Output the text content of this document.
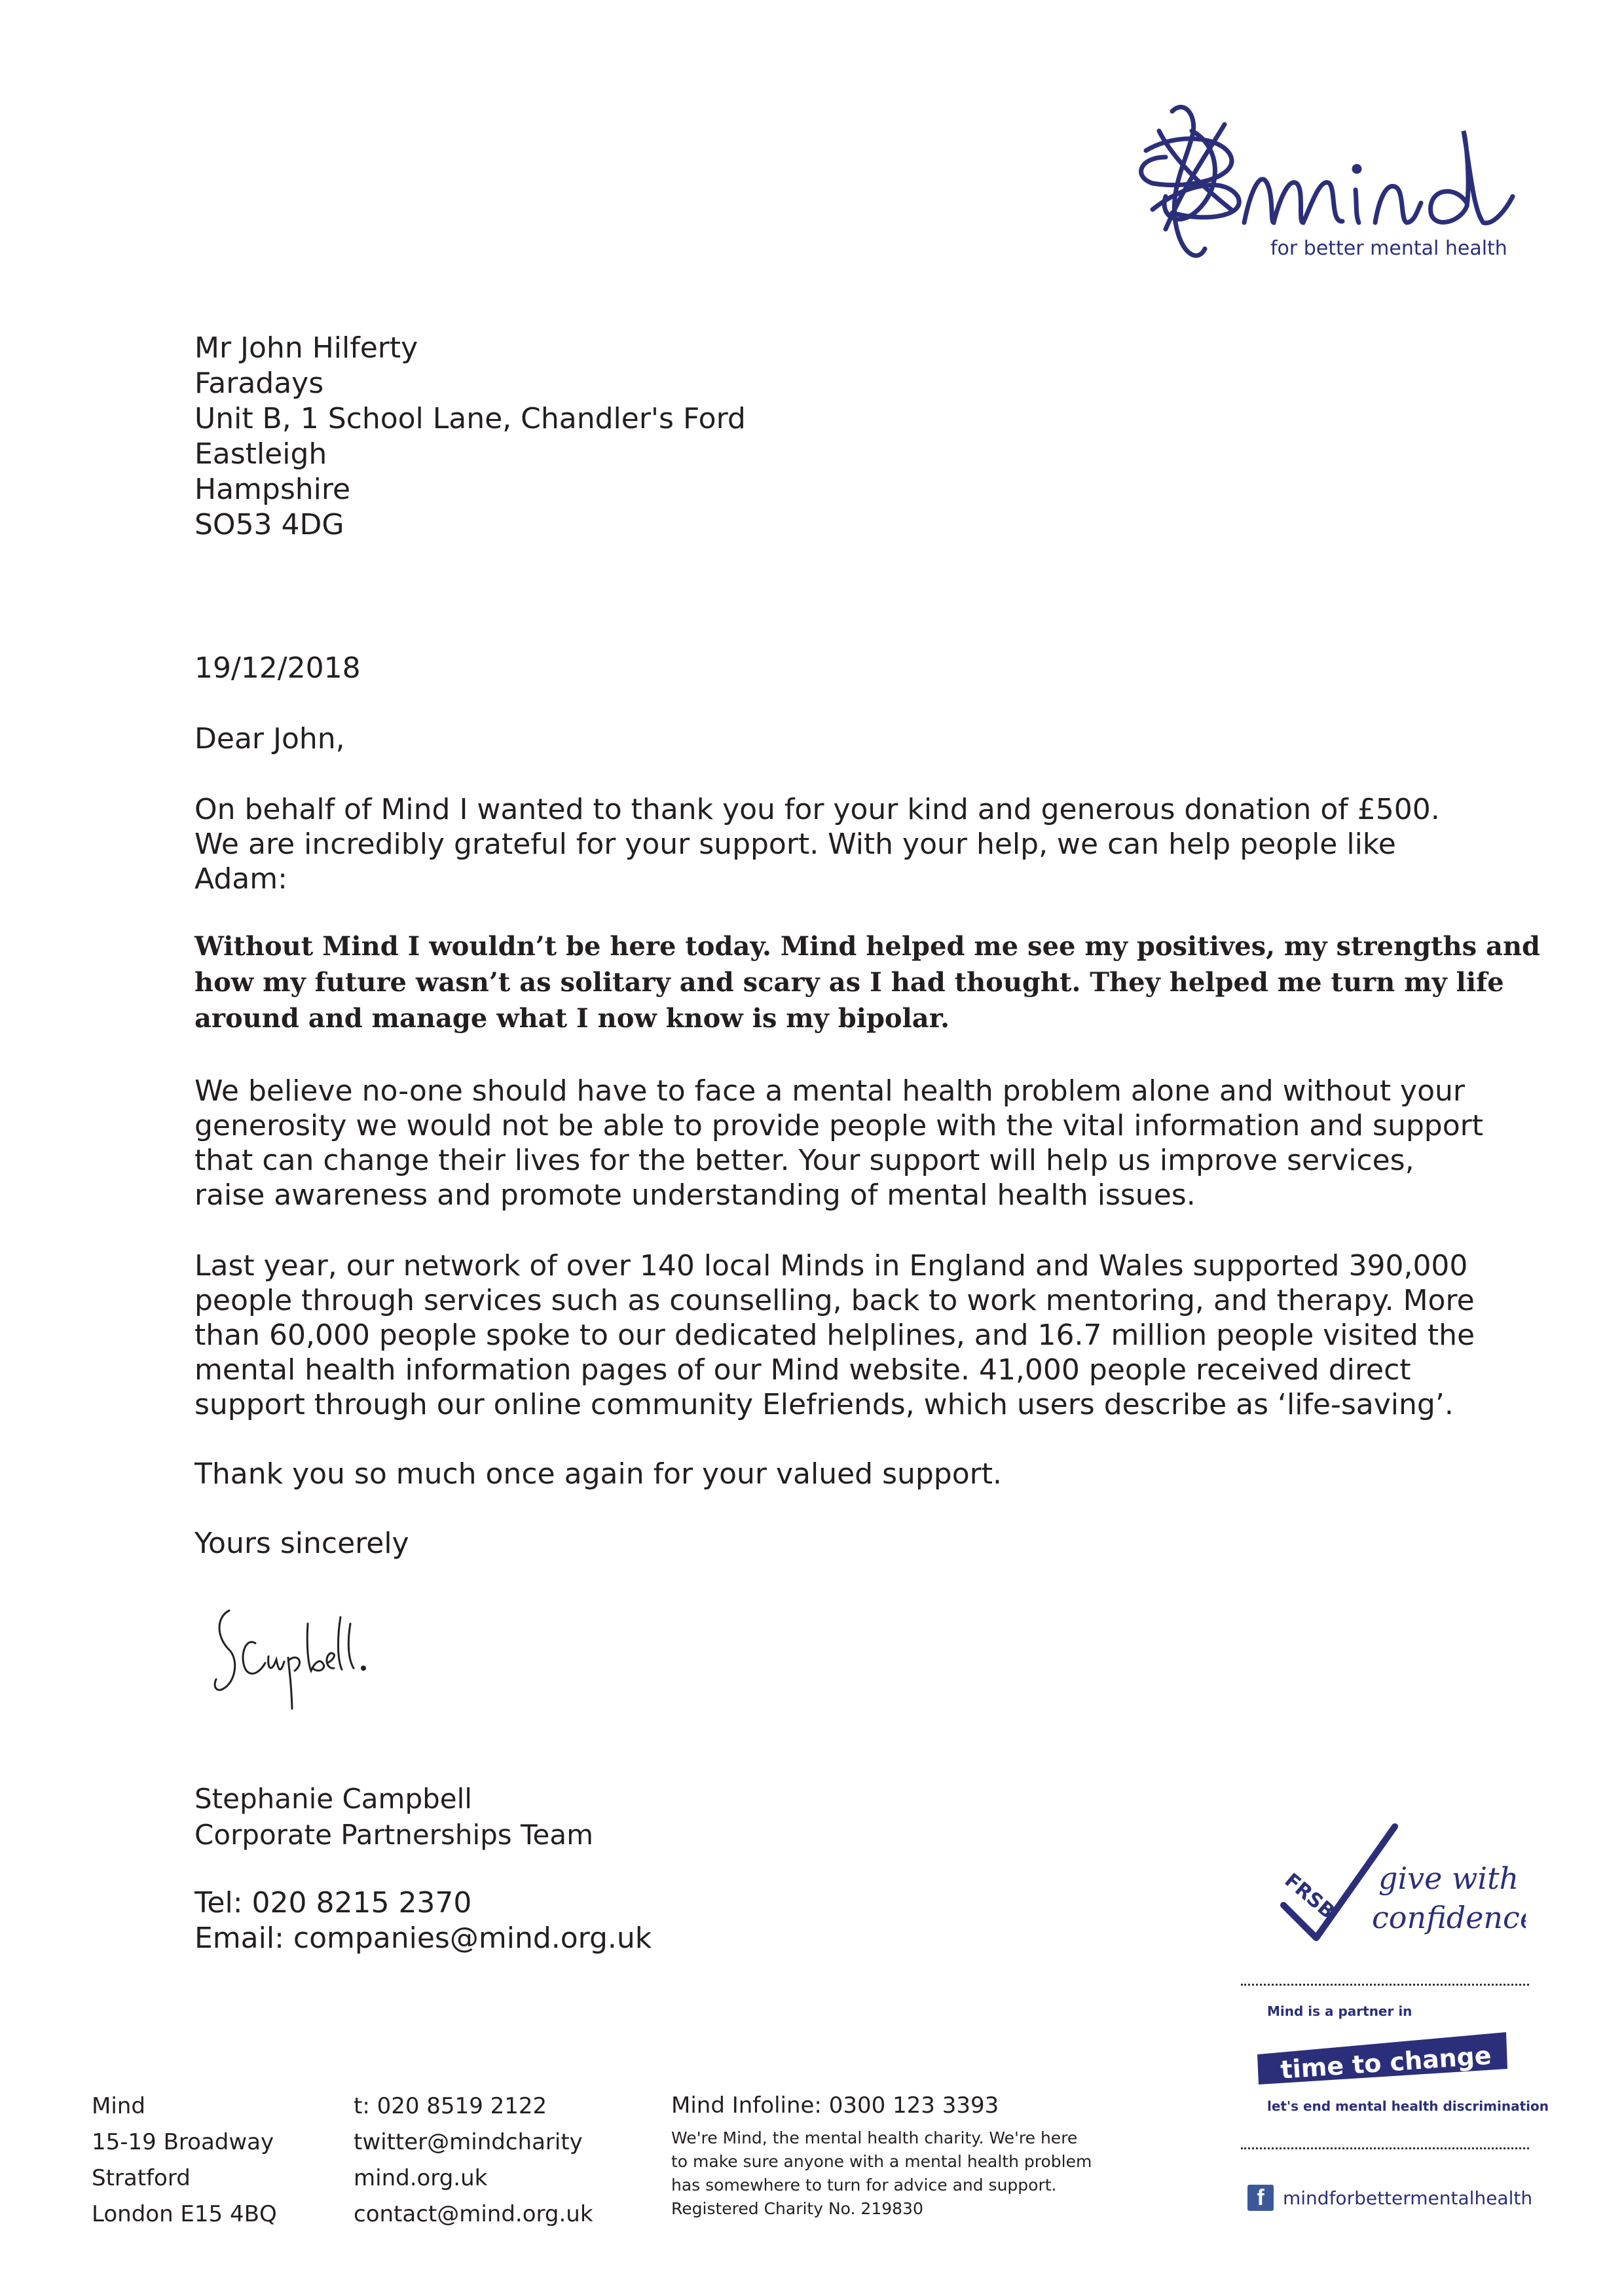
for better mental health
Mr John Hilferty
Faradays
Unit B, 1 School Lane, Chandler's Ford
Eastleigh
Hampshire
SO53 4DG
19/12/2018
Dear John,
On behalf of Mind I wanted to thank you for your kind and generous donation of £500.
We are incredibly grateful for your support. With your help, we can help people like
Adam:
Without Mind I wouldn’t be here today. Mind helped me see my positives, my strengths and
how my future wasn’t as solitary and scary as I had thought. They helped me turn my life
around and manage what I now know is my bipolar.
We believe no-one should have to face a mental health problem alone and without your
generosity we would not be able to provide people with the vital information and support
that can change their lives for the better. Your support will help us improve services,
raise awareness and promote understanding of mental health issues.
Last year, our network of over 140 local Minds in England and Wales supported 390,000
people through services such as counselling, back to work mentoring, and therapy. More
than 60,000 people spoke to our dedicated helplines, and 16.7 million people visited the
mental health information pages of our Mind website. 41,000 people received direct
support through our online community Elefriends, which users describe as ‘life-saving’.
Thank you so much once again for your valued support.
Yours sincerely
Stephanie Campbell
Corporate Partnerships Team
Tel: 020 8215 2370
Email: companies@mind.org.uk
FRSB give with
confidence
Mind is a partner in
time to change
let's end mental health discrimination
f	mindforbettermentalhealth
Mind
15-19 Broadway
Stratford
London E15 4BQ
t: 020 8519 2122
twitter@mindcharity
mind.org.uk
contact@mind.org.uk
Mind Infoline: 0300 123 3393
We're Mind, the mental health charity. We're here
to make sure anyone with a mental health problem
has somewhere to turn for advice and support.
Registered Charity No. 219830
